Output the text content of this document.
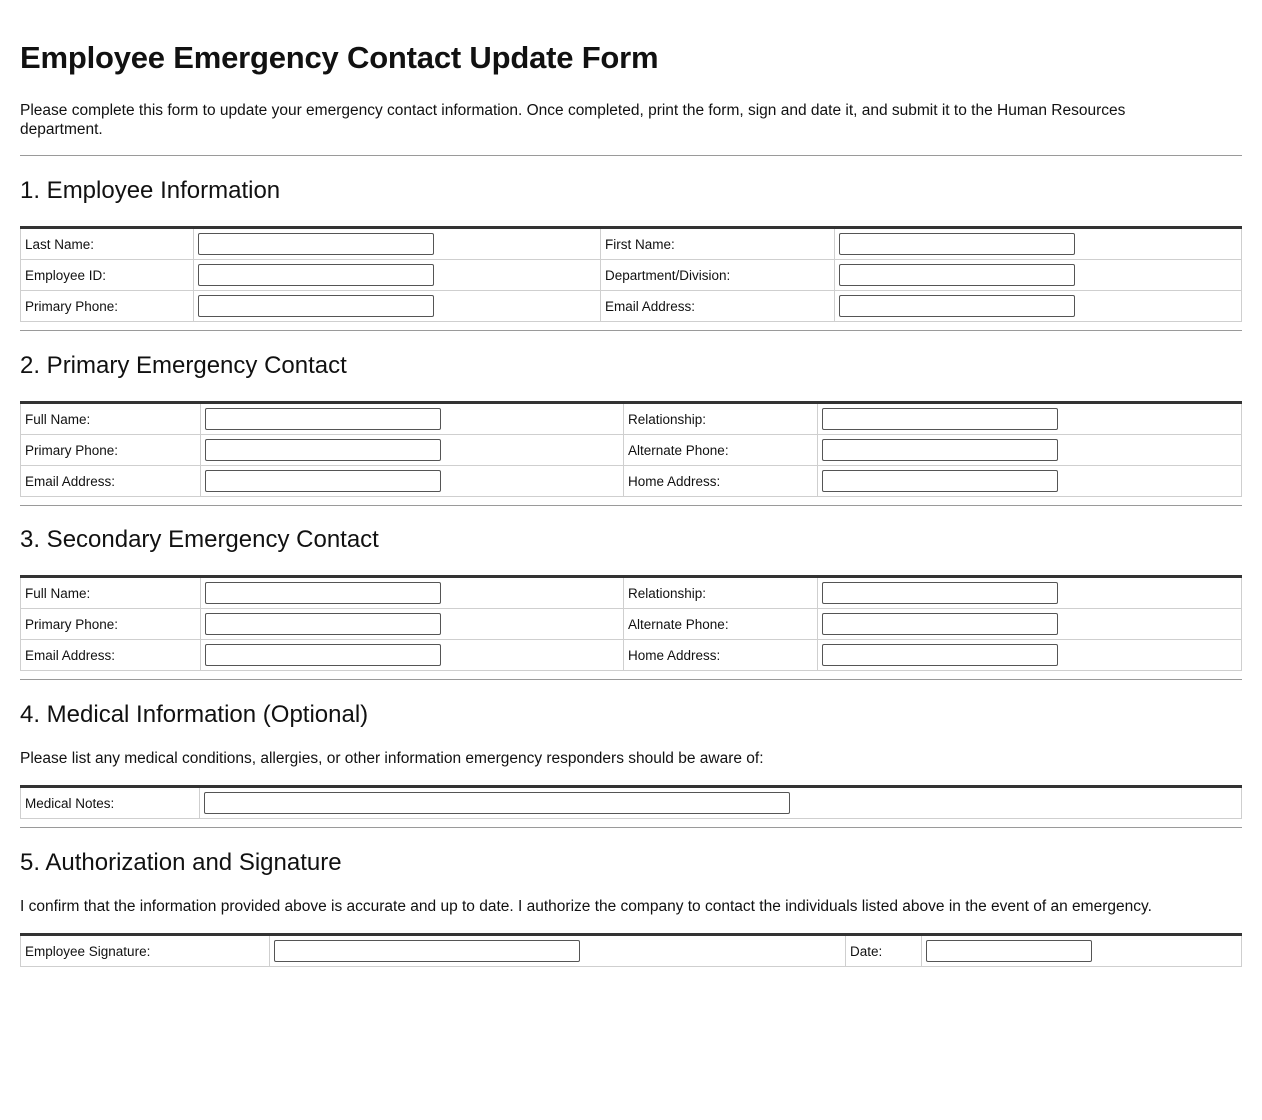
Employee Emergency Contact Update Form
Please complete this form to update your emergency contact information. Once completed, print the form, sign and date it, and submit it to the Human Resources department.
1. Employee Information
Last Name:		First Name:	
Employee ID:		Department/Division:	
Primary Phone:		Email Address:	
2. Primary Emergency Contact
Full Name:		Relationship:	
Primary Phone:		Alternate Phone:	
Email Address:		Home Address:	
3. Secondary Emergency Contact
Full Name:		Relationship:	
Primary Phone:		Alternate Phone:	
Email Address:		Home Address:	
4. Medical Information (Optional)
Please list any medical conditions, allergies, or other information emergency responders should be aware of:
Medical Notes:	
5. Authorization and Signature
I confirm that the information provided above is accurate and up to date. I authorize the company to contact the individuals listed above in the event of an emergency.
Employee Signature:		Date:	
